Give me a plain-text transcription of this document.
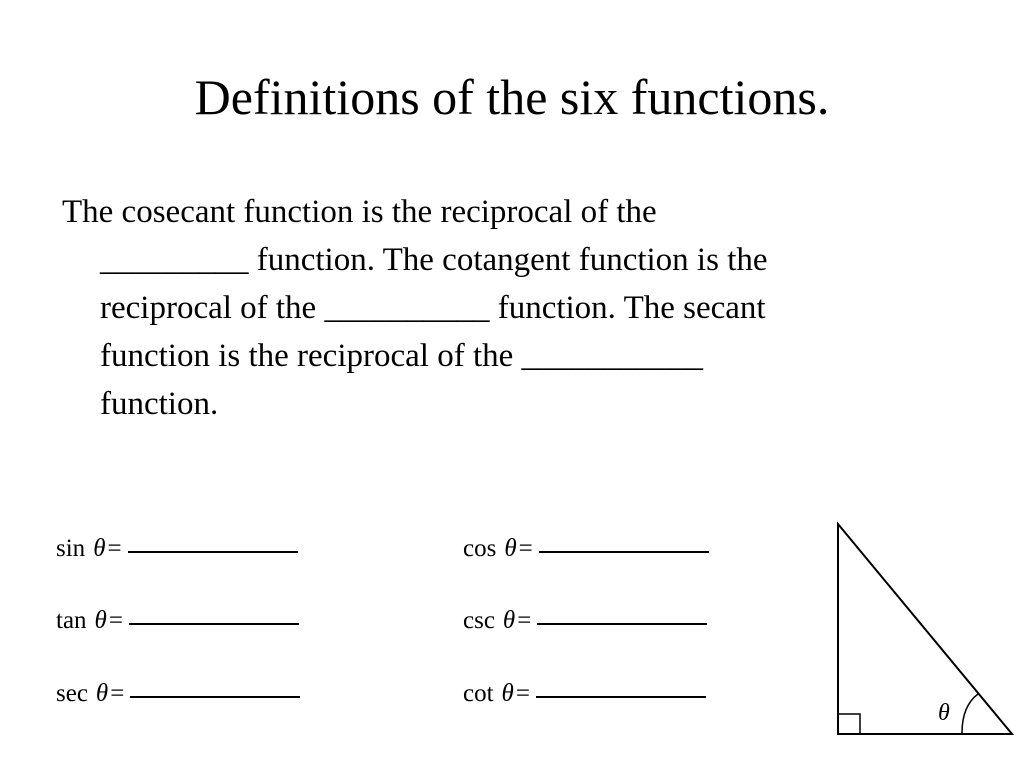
Definitions of the six functions.
The cosecant function is the reciprocal of the
_________ function. The cotangent function is the
reciprocal of the __________ function. The secant
function is the reciprocal of the ___________
function.
sin θ =
tan θ =
sec θ =
cos θ =
csc θ =
cot θ =
θ
